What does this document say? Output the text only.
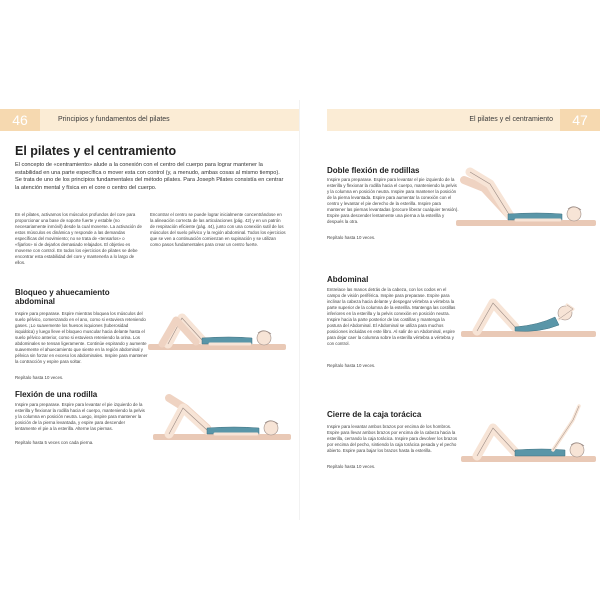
46	Principios y fundamentos del pilates
El pilates y el centramiento
El concepto de «centramiento» alude a la conexión con el centro del cuerpo para lograr mantener la estabilidad en una parte específica o mover esta con control (y, a menudo, ambas cosas al mismo tiempo). Se trata de uno de los principios fundamentales del método pilates. Para Joseph Pilates consistía en centrar la atención mental y física en el core o centro del cuerpo.
En el pilates, activamos los músculos profundos del core para proporcionar una base de soporte fuerte y estable (no necesariamente inmóvil) desde la cual moverse. La activación de estos músculos es dinámica y responde a las demandas específicas del movimiento; no se trata de «tensarlos» o «fijarlos» ni de dejarlos demasiado relajados. El objetivo es moverse con control. En todos los ejercicios de pilates se debe encontrar esta estabilidad del core y mantenerla a lo largo de ellos.
Encontrar el centro se puede lograr inicialmente concentrándose en la alineación correcta de las articulaciones (pág. 42) y en un patrón de respiración eficiente (pág. 44), junto con una conexión sutil de los músculos del suelo pélvico y la región abdominal. Todos los ejercicios que se ven a continuación comienzan en supinación y se utilizan como pasos fundamentales para crear un centro fuerte.
Bloqueo y ahuecamiento abdominal
Inspire para preparase. Espire mientras bloquea los músculos del suelo pélvico, comenzando en el ano, como si estuviera reteniendo gases. ¡Lo suavemente los huesos isquiones (tuberosidad isquiática) y luego lleve el bloqueo muscular hacia delante hasta el suelo pélvico anterior, como si estuviera reteniendo la orina. Los abdominales se tensan ligeramente. Continúe espirando y aumente suavemente el ahuecamiento que siente en la región abdominal y pélvica sin forzar en exceso los abdominales. Inspire para mantener la contracción y espire para soltar.
Repítalo hasta 10 veces.
Flexión de una rodilla
Inspire para preparase. Espire para levantar el pie izquierdo de la esterilla y flexionar la rodilla hacia el cuerpo, manteniendo la pelvis y la columna en posición neutra. Luego, inspire para mantener la posición de la pierna levantada, y espire para descender lentamente el pie a la esterilla. Alterne las piernas.
Repítalo hasta 5 veces con cada pierna.
El pilates y el centramiento	47
Doble flexión de rodillas
Inspire para preparase. Espire para levantar el pie izquierdo de la esterilla y flexionar la rodilla hacia el cuerpo, manteniendo la pelvis y la columna en posición neutra. Inspire para mantener la posición de la pierna levantada. Espire para aumentar la conexión con el centro y levantar el pie derecho de la esterilla. Inspire para mantener las piernas levantadas (procure liberar cualquier tensión). Espire para descender lentamente una pierna a la esterilla y después la otra.
Repítalo hasta 10 veces.
Abdominal
Entrelace las manos detrás de la cabeza, con los codos en el campo de visión periférica. Inspire para preparase. Espire para inclinar la cabeza hacia delante y despegar vértebra a vértebra la parte superior de la columna de la esterilla. Mantenga las costillas inferiores en la esterilla y la pelvis conexión en posición neutra. Inspire hacia la parte posterior de las costillas y mantenga la postura del Abdominal. El Abdominal se utiliza para muchos posiciones incluidas en este libro. Al salir de un Abdominal, espire para dejar caer la columna sobre la esterilla vértebra a vértebra y con control.
Repítalo hasta 10 veces.
Cierre de la caja torácica
Inspire para levantar ambos brazos por encima de los hombros. Espire para llevar ambos brazos por encima de la cabeza hacia la esterilla, cerrando la caja torácica. Inspire para devolver los brazos por encima del pecho, sintiendo la caja torácica pesada y el pecho abierto. Espire para bajar los brazos hasta la esterilla.
Repítalo hasta 10 veces.
